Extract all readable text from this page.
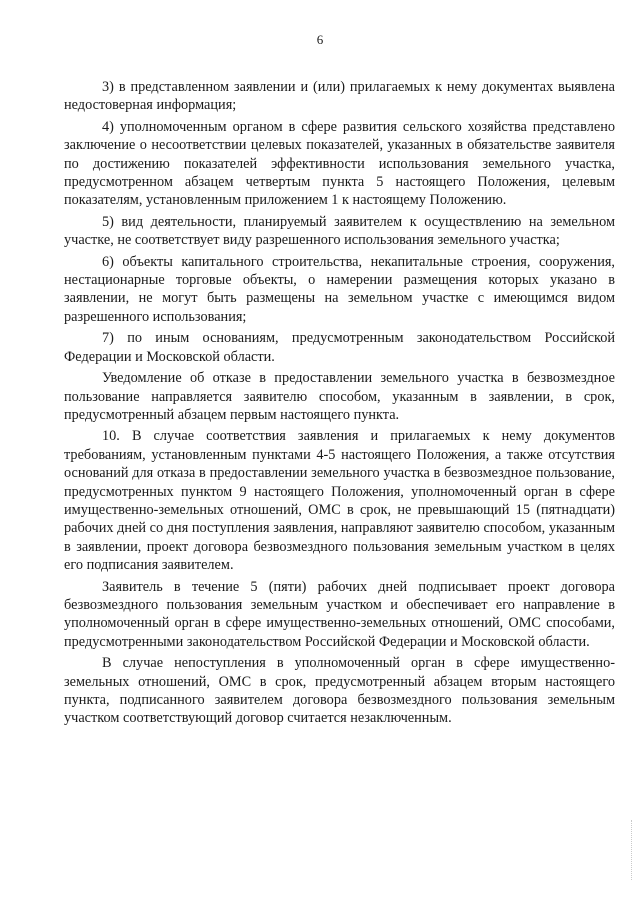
6

3) в представленном заявлении и (или) прилагаемых к нему документах выявлена недостоверная информация;

4) уполномоченным органом в сфере развития сельского хозяйства представлено заключение о несоответствии целевых показателей, указанных в обязательстве заявителя по достижению показателей эффективности использования земельного участка, предусмотренном абзацем четвертым пункта 5 настоящего Положения, целевым показателям, установленным приложением 1 к настоящему Положению.

5) вид деятельности, планируемый заявителем к осуществлению на земельном участке, не соответствует виду разрешенного использования земельного участка;

6) объекты капитального строительства, некапитальные строения, сооружения, нестационарные торговые объекты, о намерении размещения которых указано в заявлении, не могут быть размещены на земельном участке с имеющимся видом разрешенного использования;

7) по иным основаниям, предусмотренным законодательством Российской Федерации и Московской области.

Уведомление об отказе в предоставлении земельного участка в безвозмездное пользование направляется заявителю способом, указанным в заявлении, в срок, предусмотренный абзацем первым настоящего пункта.

10. В случае соответствия заявления и прилагаемых к нему документов требованиям, установленным пунктами 4-5 настоящего Положения, а также отсутствия оснований для отказа в предоставлении земельного участка в безвозмездное пользование, предусмотренных пунктом 9 настоящего Положения, уполномоченный орган в сфере имущественно-земельных отношений, ОМС в срок, не превышающий 15 (пятнадцати) рабочих дней со дня поступления заявления, направляют заявителю способом, указанным в заявлении, проект договора безвозмездного пользования земельным участком в целях его подписания заявителем.

Заявитель в течение 5 (пяти) рабочих дней подписывает проект договора безвозмездного пользования земельным участком и обеспечивает его направление в уполномоченный орган в сфере имущественно-земельных отношений, ОМС способами, предусмотренными законодательством Российской Федерации и Московской области.

В случае непоступления в уполномоченный орган в сфере имущественно-земельных отношений, ОМС в срок, предусмотренный абзацем вторым настоящего пункта, подписанного заявителем договора безвозмездного пользования земельным участком соответствующий договор считается незаключенным.
